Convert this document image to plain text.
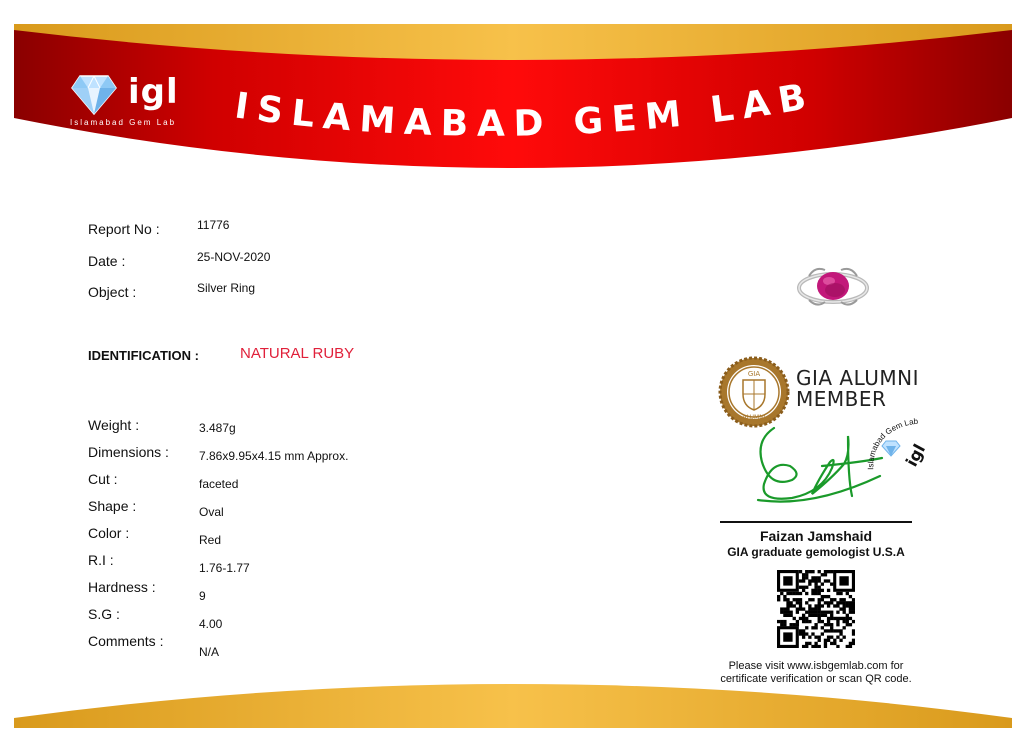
igl
Islamabad Gem Lab ISLAMABAD GEM LAB
Report No :	11776
Date :	25-NOV-2020
Object :	Silver Ring
IDENTIFICATION :	NATURAL RUBY
Weight :	3.487g
Dimensions :	7.86x9.95x4.15 mm Approx.
Cut :	faceted
Shape :	Oval
Color :	Red
R.I :	1.76-1.77
Hardness :
9
S.G :
4.00
Comments :
N/A
GIA
ALUMNI
GIA ALUMNI
MEMBER
Islamabad Gem Lab
igl
Faizan Jamshaid
GIA graduate gemologist U.S.A
Please visit www.isbgemlab.com for
certificate verification or scan QR code.
